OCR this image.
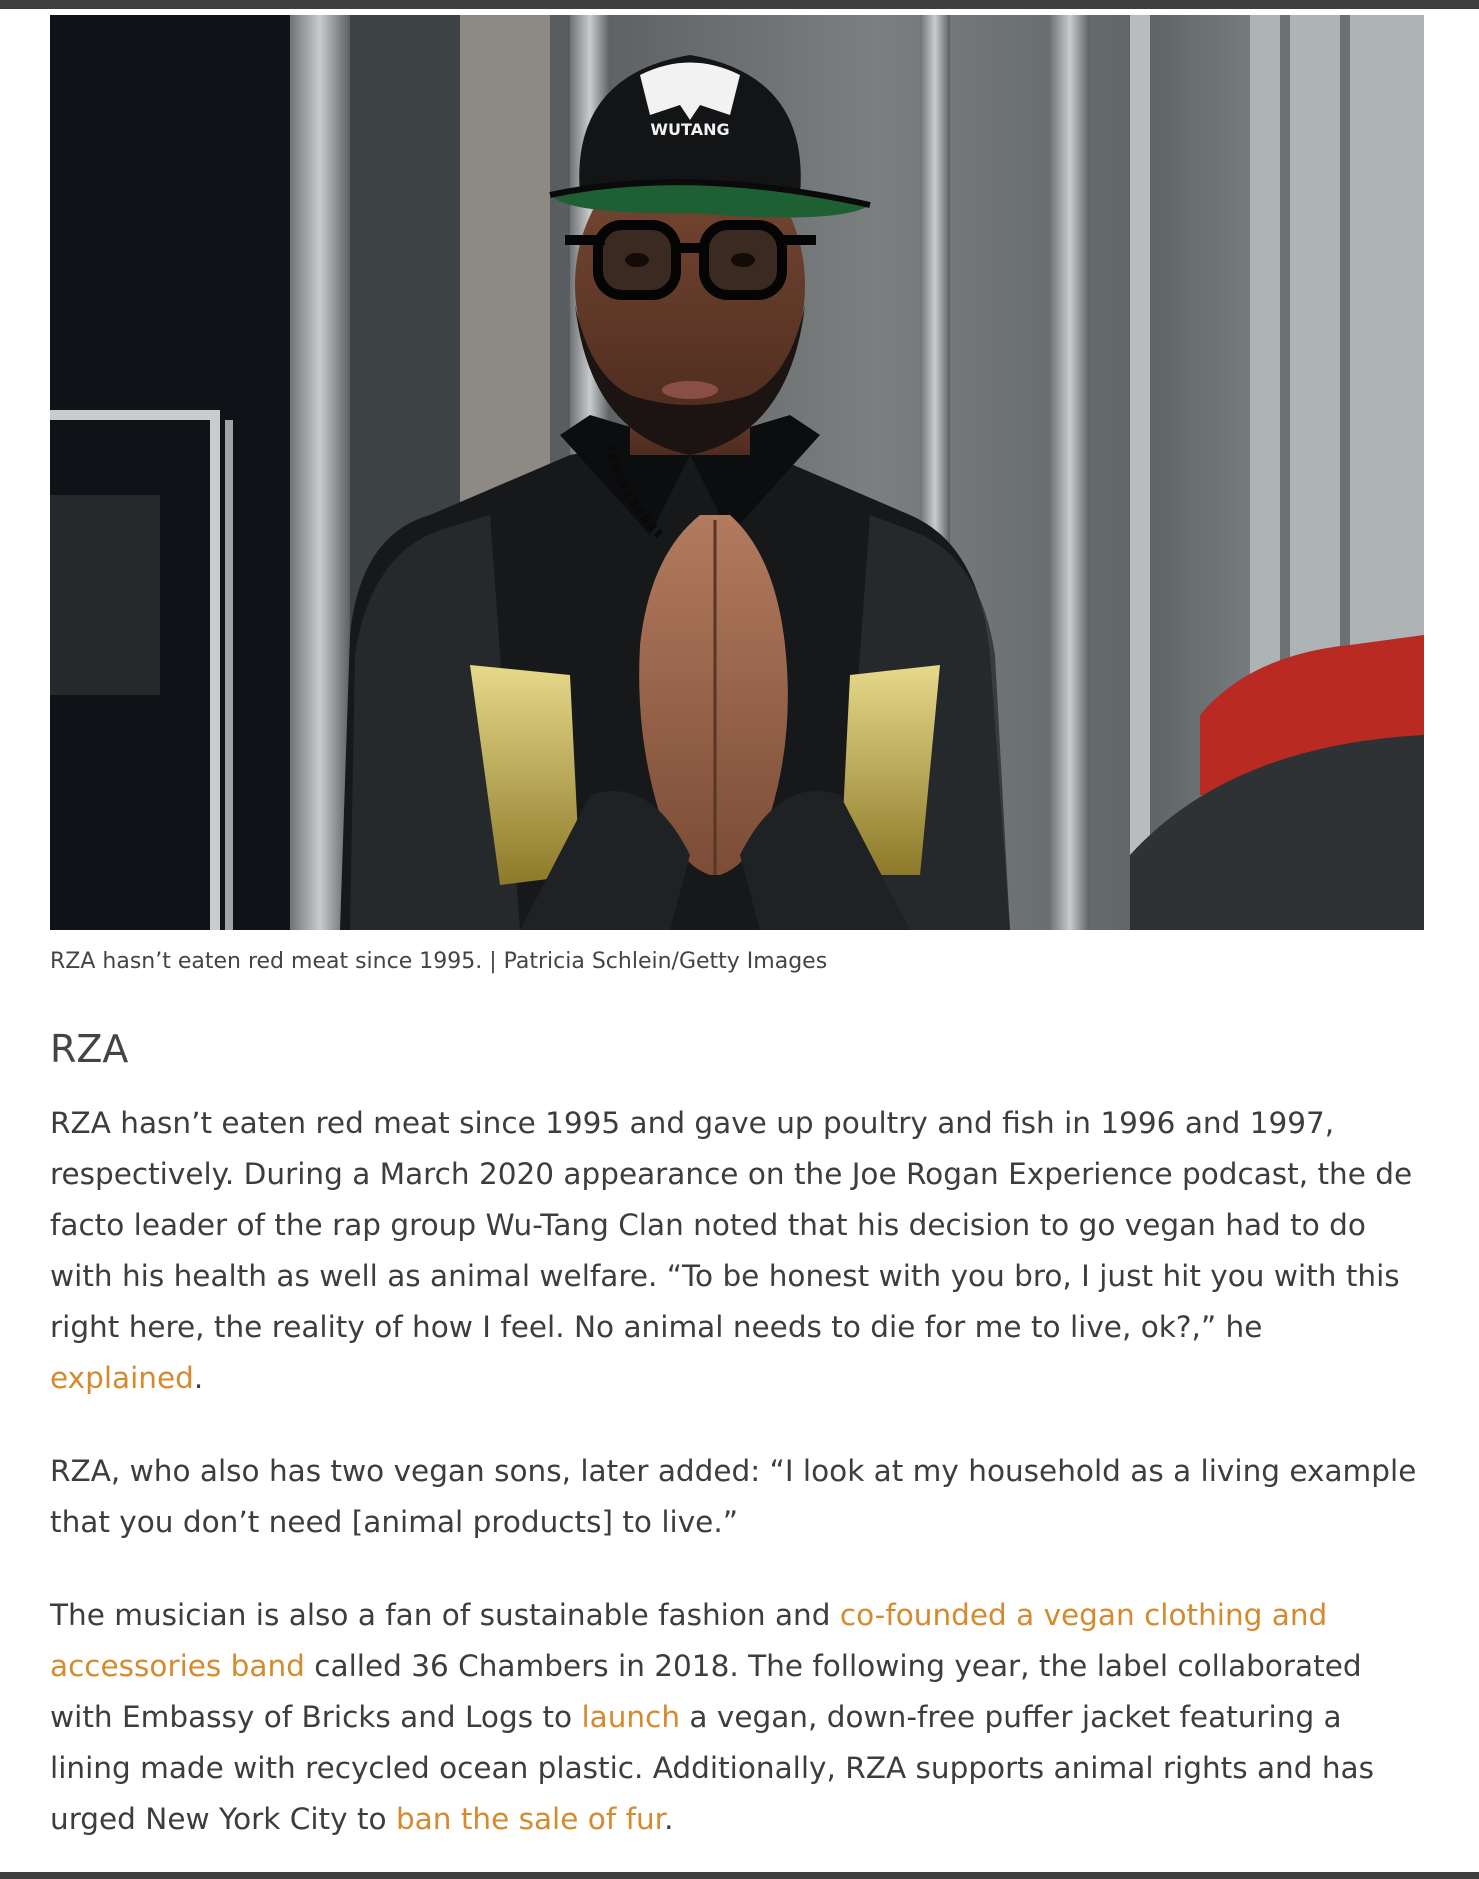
WUTANG
RZA hasn’t eaten red meat since 1995. | Patricia Schlein/Getty Images
RZA

RZA hasn’t eaten red meat since 1995 and gave up poultry and fish in 1996 and 1997, respectively. During a March 2020 appearance on the Joe Rogan Experience podcast, the de facto leader of the rap group Wu-Tang Clan noted that his decision to go vegan had to do with his health as well as animal welfare. “To be honest with you bro, I just hit you with this right here, the reality of how I feel. No animal needs to die for me to live, ok?,” he explained.

RZA, who also has two vegan sons, later added: “I look at my household as a living example that you don’t need [animal products] to live.”

The musician is also a fan of sustainable fashion and co-founded a vegan clothing and accessories band called 36 Chambers in 2018. The following year, the label collaborated with Embassy of Bricks and Logs to launch a vegan, down-free puffer jacket featuring a lining made with recycled ocean plastic. Additionally, RZA supports animal rights and has urged New York City to ban the sale of fur.
